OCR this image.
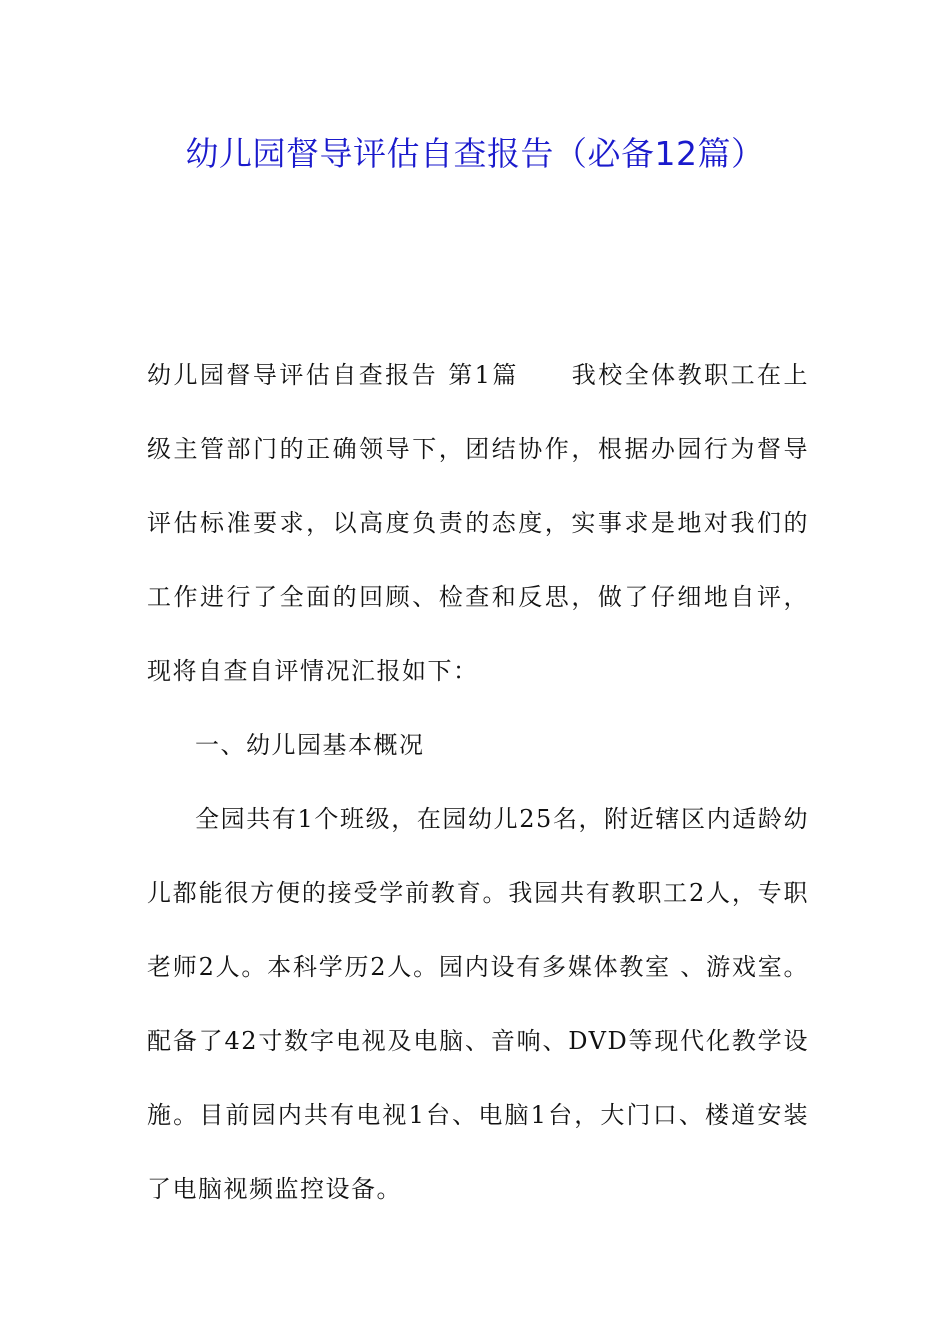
幼儿园督导评估自查报告（必备12篇）

幼儿园督导评估自查报告 第1篇　　我校全体教职工在上级主管部门的正确领导下，团结协作，根据办园行为督导评估标准要求，以高度负责的态度，实事求是地对我们的工作进行了全面的回顾、检查和反思，做了仔细地自评，现将自查自评情况汇报如下：

一、幼儿园基本概况

全园共有1个班级，在园幼儿25名，附近辖区内适龄幼儿都能很方便的接受学前教育。我园共有教职工2人，专职老师2人。本科学历2人。园内设有多媒体教室 、游戏室。配备了42寸数字电视及电脑、音响、DVD等现代化教学设施。目前园内共有电视1台、电脑1台，大门口、楼道安装了电脑视频监控设备。
